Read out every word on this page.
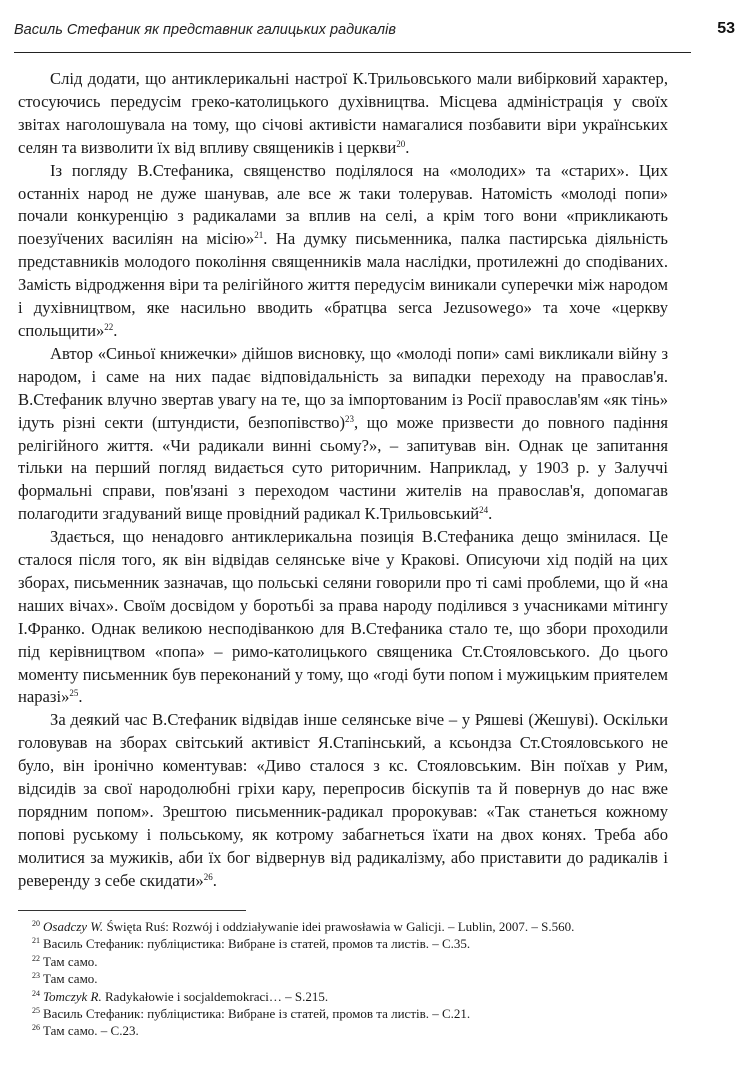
Василь Стефаник як представник галицьких радикалів	53

Слід додати, що антиклерикальні настрої К.Трильовського мали вибірковий характер, стосуючись передусім греко-католицького духівництва. Місцева адміністрація у своїх звітах наголошувала на тому, що січові активісти намагалися позбавити віри українських селян та визволити їх від впливу священиків і церкви$^{20}$.

Із погляду В.Стефаника, священство поділялося на «молодих» та «старих». Цих останніх народ не дуже шанував, але все ж таки толерував. Натомість «молоді попи» почали конкуренцію з радикалами за вплив на селі, а крім того вони «прикликають поезуїчених василіян на місію»$^{21}$. На думку письменника, палка пастирська діяльність представників молодого покоління священників мала наслідки, протилежні до сподіваних. Замість відродження віри та релігійного життя передусім виникали суперечки між народом і духівництвом, яке насильно вводить «братцва serca Jezusowego» та хоче «церкву спольщити»$^{22}$.

Автор «Синьої книжечки» дійшов висновку, що «молоді попи» самі викликали війну з народом, і саме на них падає відповідальність за випадки переходу на православ'я. В.Стефаник влучно звертав увагу на те, що за імпортованим із Росії православ'ям «як тінь» ідуть різні секти (штундисти, безпопівство)$^{23}$, що може призвести до повного падіння релігійного життя. «Чи радикали винні сьому?», – запитував він. Однак це запитання тільки на перший погляд видається суто риторичним. Наприклад, у 1903 р. у Залуччі формальні справи, пов'язані з переходом частини жителів на православ'я, допомагав полагодити згадуваний вище провідний радикал К.Трильовський$^{24}$.

Здається, що ненадовго антиклерикальна позиція В.Стефаника дещо змінилася. Це сталося після того, як він відвідав селянське віче у Кракові. Описуючи хід подій на цих зборах, письменник зазначав, що польські селяни говорили про ті самі проблеми, що й «на наших вічах». Своїм досвідом у боротьбі за права народу поділився з учасниками мітингу І.Франко. Однак великою несподіванкою для В.Стефаника стало те, що збори проходили під керівництвом «попа» – римо-католицького священика Ст.Стояловського. До цього моменту письменник був переконаний у тому, що «годі бути попом і мужицьким приятелем наразі»$^{25}$.

За деякий час В.Стефаник відвідав інше селянське віче – у Ряшеві (Жешуві). Оскільки головував на зборах світський активіст Я.Стапінський, а ксьондза Ст.Стояловського не було, він іронічно коментував: «Диво сталося з кс. Стояловським. Він поїхав у Рим, відсидів за свої народолюбні гріхи кару, перепросив біскупів та й повернув до нас вже порядним попом». Зрештою письменник-радикал пророкував: «Так станеться кожному попові руському і польському, як котрому забагнеться їхати на двох конях. Треба або молитися за мужиків, аби їх бог відвернув від радикалізму, або приставити до радикалів і реверенду з себе скидати»$^{26}$.

$^{20}$ Osadczy W. Święta Ruś: Rozwój i oddziaływanie idei prawosławia w Galicji. – Lublin, 2007. – S.560.

$^{21}$ Василь Стефаник: публіцистика: Вибране із статей, промов та листів. – С.35.

$^{22}$ Там само.

$^{23}$ Там само.

$^{24}$ Tomczyk R. Radykałowie i socjaldemokraci… – S.215.

$^{25}$ Василь Стефаник: публіцистика: Вибране із статей, промов та листів. – С.21.

$^{26}$ Там само. – С.23.
